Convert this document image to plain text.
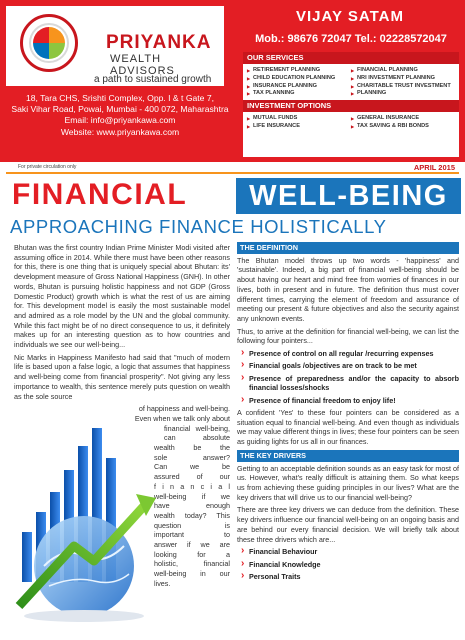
PRIYANKA
WEALTH ADVISORS
a path to sustained growth
18, Tara CHS, Srishti Complex, Opp. I & t Gate 7,
Saki Vihar Road, Powai, Mumbai - 400 072, Maharashtra
Email: info@priyankawa.com
Website: www.priyankawa.com
VIJAY SATAM
Mob.: 98676 72047 Tel.: 02228572047
OUR SERVICES
▶ RETIREMENT PLANNING
▶ CHILD EDUCATION PLANNING
▶ INSURANCE PLANNING
▶ TAX PLANNING
▶ FINANCIAL PLANNING
▶ NRI INVESTMENT PLANNING
▶ CHARITABLE TRUST INVESTMENT
▶ PLANNING
INVESTMENT OPTIONS
▶ MUTUAL FUNDS
▶ LIFE INSURANCE
▶ GENERAL INSURANCE
▶ TAX SAVING & RBI BONDS
For private circulation only	APRIL 2015
FINANCIAL	WELL-BEING
APPROACHING FINANCE HOLISTICALLY

Bhutan was the first country Indian Prime Minister Modi visited after assuming office in 2014. While there must have been other reasons for this, there is one thing that is uniquely special about Bhutan: its' development measure of Gross National Happiness (GNH). In other words, Bhutan is pursuing holistic happiness and not GDP (Gross Domestic Product) growth which is what the rest of us are aiming for. This development model is easily the most sustainable model and admired as a role model by the UN and the global community. While this fact might be of no direct consequence to us, it definitely makes up for an interesting question as to how countries and individuals we see our well-being...

Nic Marks in Happiness Manifesto had said that "much of modern life is based upon a false logic, a logic that assumes that happiness and well-being come from financial prosperity". Not giving any less importance to wealth, this sentence merely puts question on wealth as the sole source

of happiness and well-being.
Even when we talk only about
financial well-being,
can absolute
wealth be the
sole answer?
Can we be
assured of our
f i n a n c i a l
well-being if we
have enough
wealth today? This
question is
important to
answer if we are
looking for a
holistic, financial
well-being in our
lives.
THE DEFINITION

The Bhutan model throws up two words - 'happiness' and 'sustainable'. Indeed, a big part of financial well-being should be about having our heart and mind free from worries of finances in our lives, both in present and in future. The definition thus must cover different times, carrying the element of freedom and assurance of meeting our present & future objectives and also the security against any unknown events.

Thus, to arrive at the definition for financial well-being, we can list the following four pointers...

› Presence of control on all regular /recurring expenses
› Financial goals /objectives are on track to be met
› Presence of preparedness and/or the capacity to absorb financial losses/shocks
› Presence of financial freedom to enjoy life!

A confident 'Yes' to these four pointers can be considered as a situation equal to financial well-being. And even though as individuals we may value different things in lives; these four pointers can be seen as guiding lights for us all in our finances.

THE KEY DRIVERS

Getting to an acceptable definition sounds as an easy task for most of us. However, what's really difficult is attaining them. So what keeps us from achieving these guiding principles in our lives? What are the key drivers that will drive us to our financial well-being?

There are three key drivers we can deduce from the definition. These key drivers influence our financial well-being on an ongoing basis and are behind our every financial decision. We will briefly talk about these three drivers which are...

› Financial Behaviour
› Financial Knowledge
› Personal Traits
